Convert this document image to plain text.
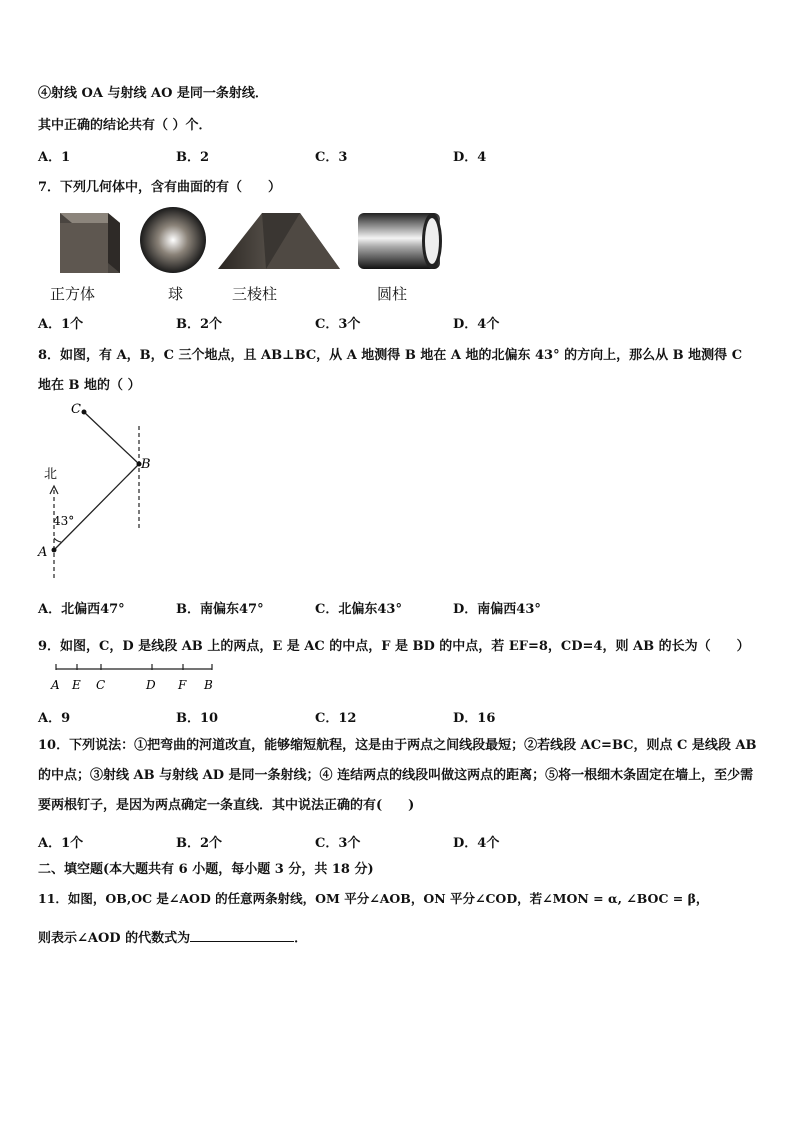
④射线 OA 与射线 AO 是同一条射线．
其中正确的结论共有（ ）个．
A．1	B．2	C．3	D．4
7．下列几何体中，含有曲面的有（　　）
正方体	球	三棱柱	圆柱
A．1个	B．2个	C．3个	D．4个
8．如图，有 A，B，C 三个地点，且 AB⊥BC，从 A 地测得 B 地在 A 地的北偏东 43° 的方向上，那么从 B 地测得 C
地在 B 地的（ ）
北
43°
A
B
C
A．北偏西47°	B．南偏东47°	C．北偏东43°	D．南偏西43°
9．如图，C，D 是线段 AB 上的两点，E 是 AC 的中点，F 是 BD 的中点，若 EF=8，CD=4，则 AB 的长为（　　）
A E C	D F B
A．9	B．10	C．12	D．16
10．下列说法：①把弯曲的河道改直，能够缩短航程，这是由于两点之间线段最短；②若线段 AC=BC，则点 C 是线段 AB 的中点；③射线 AB 与射线 AD 是同一条射线；④ 连结两点的线段叫做这两点的距离；⑤将一根细木条固定在墙上，至少需要两根钉子，是因为两点确定一条直线．其中说法正确的有(　　)
A．1个	B．2个	C．3个	D．4个
二、填空题(本大题共有 6 小题，每小题 3 分，共 18 分)
11．如图，OB,OC 是∠AOD 的任意两条射线，OM 平分∠AOB，ON 平分∠COD，若∠MON = α, ∠BOC = β，
则表示∠AOD 的代数式为	．
